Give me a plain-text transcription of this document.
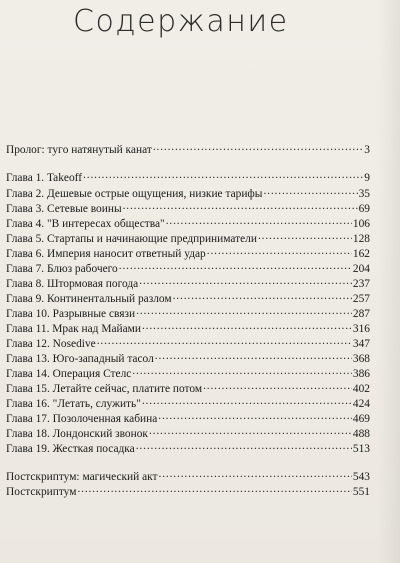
Содержание
Пролог: тугo натянутый канат . . .	3
Глава 1. Takeoff . . .	9
Глава 2. Дешевые острые ощущения, низкие тарифы . . .	35
Глава 3. Сетевые воины . . .	69
Глава 4. "В интересах общества" . . .	106
Глава 5. Стартапы и начинающие предприниматели . . .	128
Глава 6. Империя наносит ответный удар . . .	162
Глава 7. Блюз рабочего . . .	204
Глава 8. Штормовая погода . . .	237
Глава 9. Континентальный разлом . . .	257
Глава 10. Разрывные связи . . .	287
Глава 11. Мрак над Майами . . .	316
Глава 12. Nosedive . . .	347
Глава 13. Юго-западный тасол . . .	368
Глава 14. Операция Стелс . . .	386
Глава 15. Летайте сейчас, платите потом . . .	402
Глава 16. "Летать, служить" . . .	424
Глава 17. Позолоченная кабина . . .	469
Глава 18. Лондонский звонок . . .	488
Глава 19. Жесткая посадка . . .	513
Постскриптум: магический акт . . .	543
Постскриптум . . .	551
